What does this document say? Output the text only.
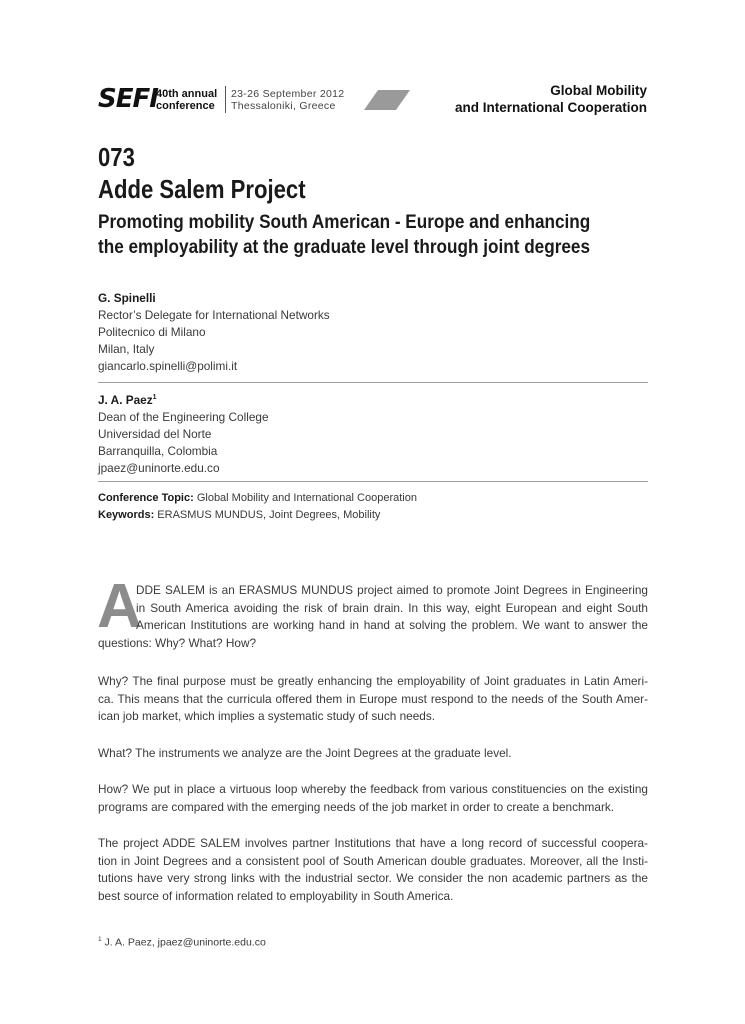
SEFI
40th annual
conference
23-26 September 2012
Thessaloniki, Greece
Global Mobility
and International Cooperation
073
Adde Salem Project
Promoting mobility South American - Europe and enhancing
the employability at the graduate level through joint degrees
G. Spinelli
Rector’s Delegate for International Networks
Politecnico di Milano
Milan, Italy
giancarlo.spinelli@polimi.it
J. A. Paez$^1$
Dean of the Engineering College
Universidad del Norte
Barranquilla, Colombia
jpaez@uninorte.edu.co
Conference Topic: Global Mobility and International Cooperation
Keywords: ERASMUS MUNDUS, Joint Degrees, Mobility
A
DDE SALEM is an ERASMUS MUNDUS project aimed to promote Joint Degrees in Engineering
in South America avoiding the risk of brain drain. In this way, eight European and eight South
American Institutions are working hand in hand at solving the problem. We want to answer the
questions: Why? What? How?
Why? The final purpose must be greatly enhancing the employability of Joint graduates in Latin Ameri-
ca. This means that the curricula offered them in Europe must respond to the needs of the South Amer-
ican job market, which implies a systematic study of such needs.
What? The instruments we analyze are the Joint Degrees at the graduate level.
How? We put in place a virtuous loop whereby the feedback from various constituencies on the existing
programs are compared with the emerging needs of the job market in order to create a benchmark.
The project ADDE SALEM involves partner Institutions that have a long record of successful coopera-
tion in Joint Degrees and a consistent pool of South American double graduates. Moreover, all the Insti-
tutions have very strong links with the industrial sector. We consider the non academic partners as the
best source of information related to employability in South America.
$^1$ J. A. Paez, jpaez@uninorte.edu.co
